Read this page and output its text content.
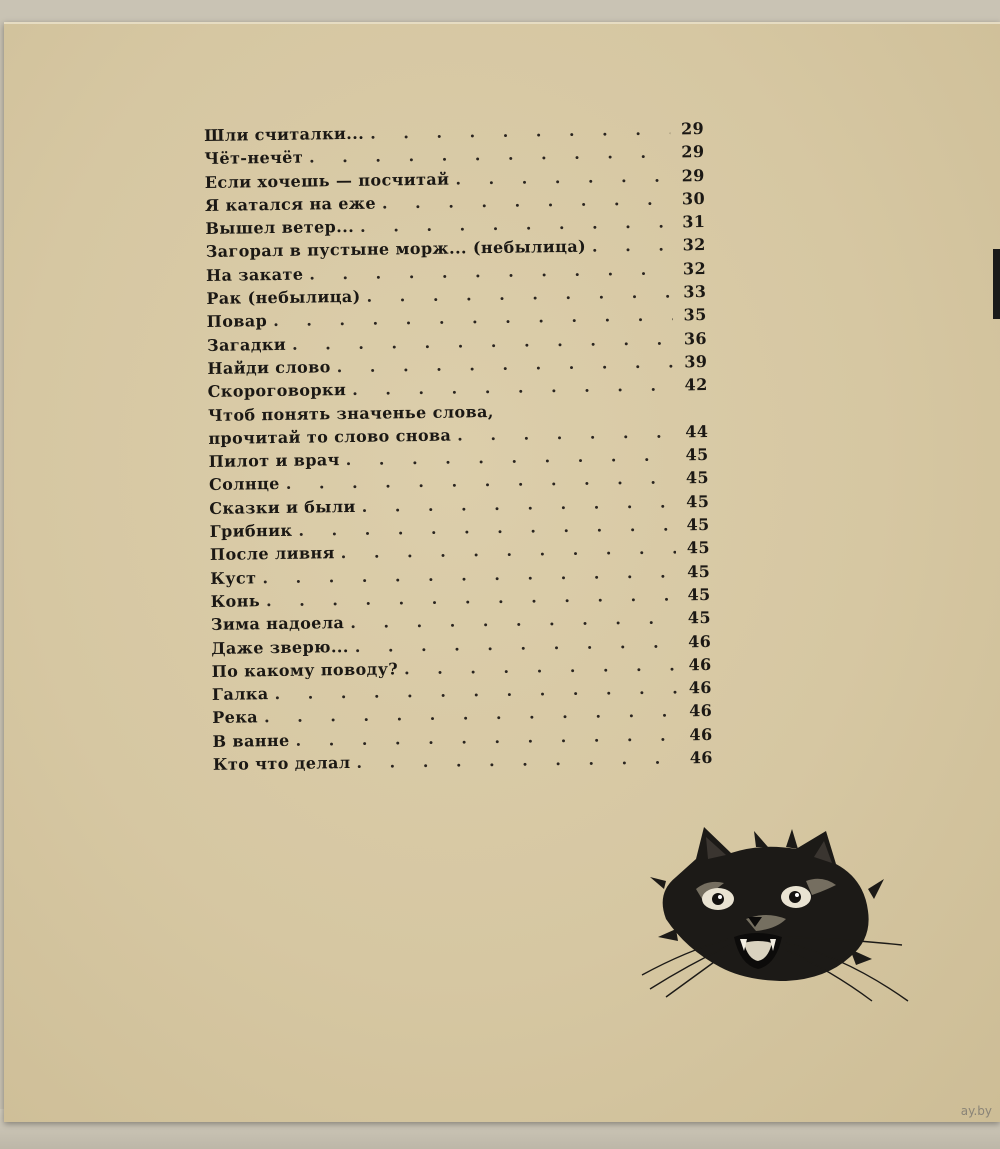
Шли считалки... . . .	29
Чёт-нечёт . . .	29
Если хочешь — посчитай . . .	29
Я катался на еже . . .	30
Вышел ветер... . . .	31
Загорал в пустыне морж... (небылица) . . .	32
На закате . . .	32
Рак (небылица) . . .	33
Повар . . .	35
Загадки . . .	36
Найди слово . . .	39
Скороговорки . . .	42
Чтоб понять значенье слова,
прочитай то слово снова . . .	44
Пилот и врач . . .	45
Солнце . . .	45
Сказки и были . . .	45
Грибник . . .	45
После ливня . . .	45
Куст . . .	45
Конь . . .	45
Зима надоела . . .	45
Даже зверю... . . .	46
По какому поводу? . . .	46
Галка . . .	46
Река . . .	46
В ванне . . .	46
Кто что делал . . .	46
ay.by
